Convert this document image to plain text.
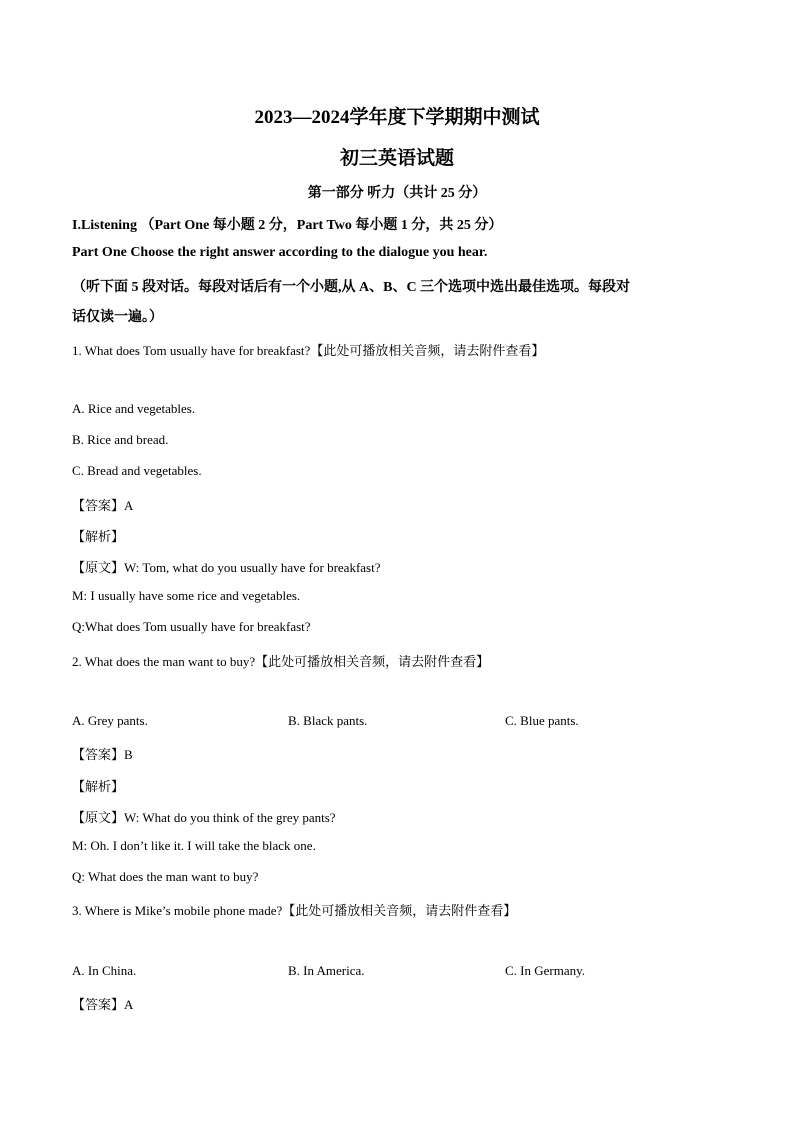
2023—2024学年度下学期期中测试
初三英语试题
第一部分 听力（共计 25 分）
I.Listening （Part One 每小题 2 分，Part Two 每小题 1 分，共 25 分）
Part One Choose the right answer according to the dialogue you hear.
（听下面 5 段对话。每段对话后有一个小题,从 A、B、C 三个选项中选出最佳选项。每段对
话仅读一遍。）
1. What does Tom usually have for breakfast?【此处可播放相关音频，请去附件查看】
A. Rice and vegetables.
B. Rice and bread.
C. Bread and vegetables.
【答案】A
【解析】
【原文】W: Tom, what do you usually have for breakfast?
M: I usually have some rice and vegetables.
Q:What does Tom usually have for breakfast?
2. What does the man want to buy?【此处可播放相关音频，请去附件查看】
A. Grey pants.	B. Black pants.	C. Blue pants.
【答案】B
【解析】
【原文】W: What do you think of the grey pants?
M: Oh. I don’t like it. I will take the black one.
Q: What does the man want to buy?
3. Where is Mike’s mobile phone made?【此处可播放相关音频，请去附件查看】
A. In China.	B. In America.	C. In Germany.
【答案】A
